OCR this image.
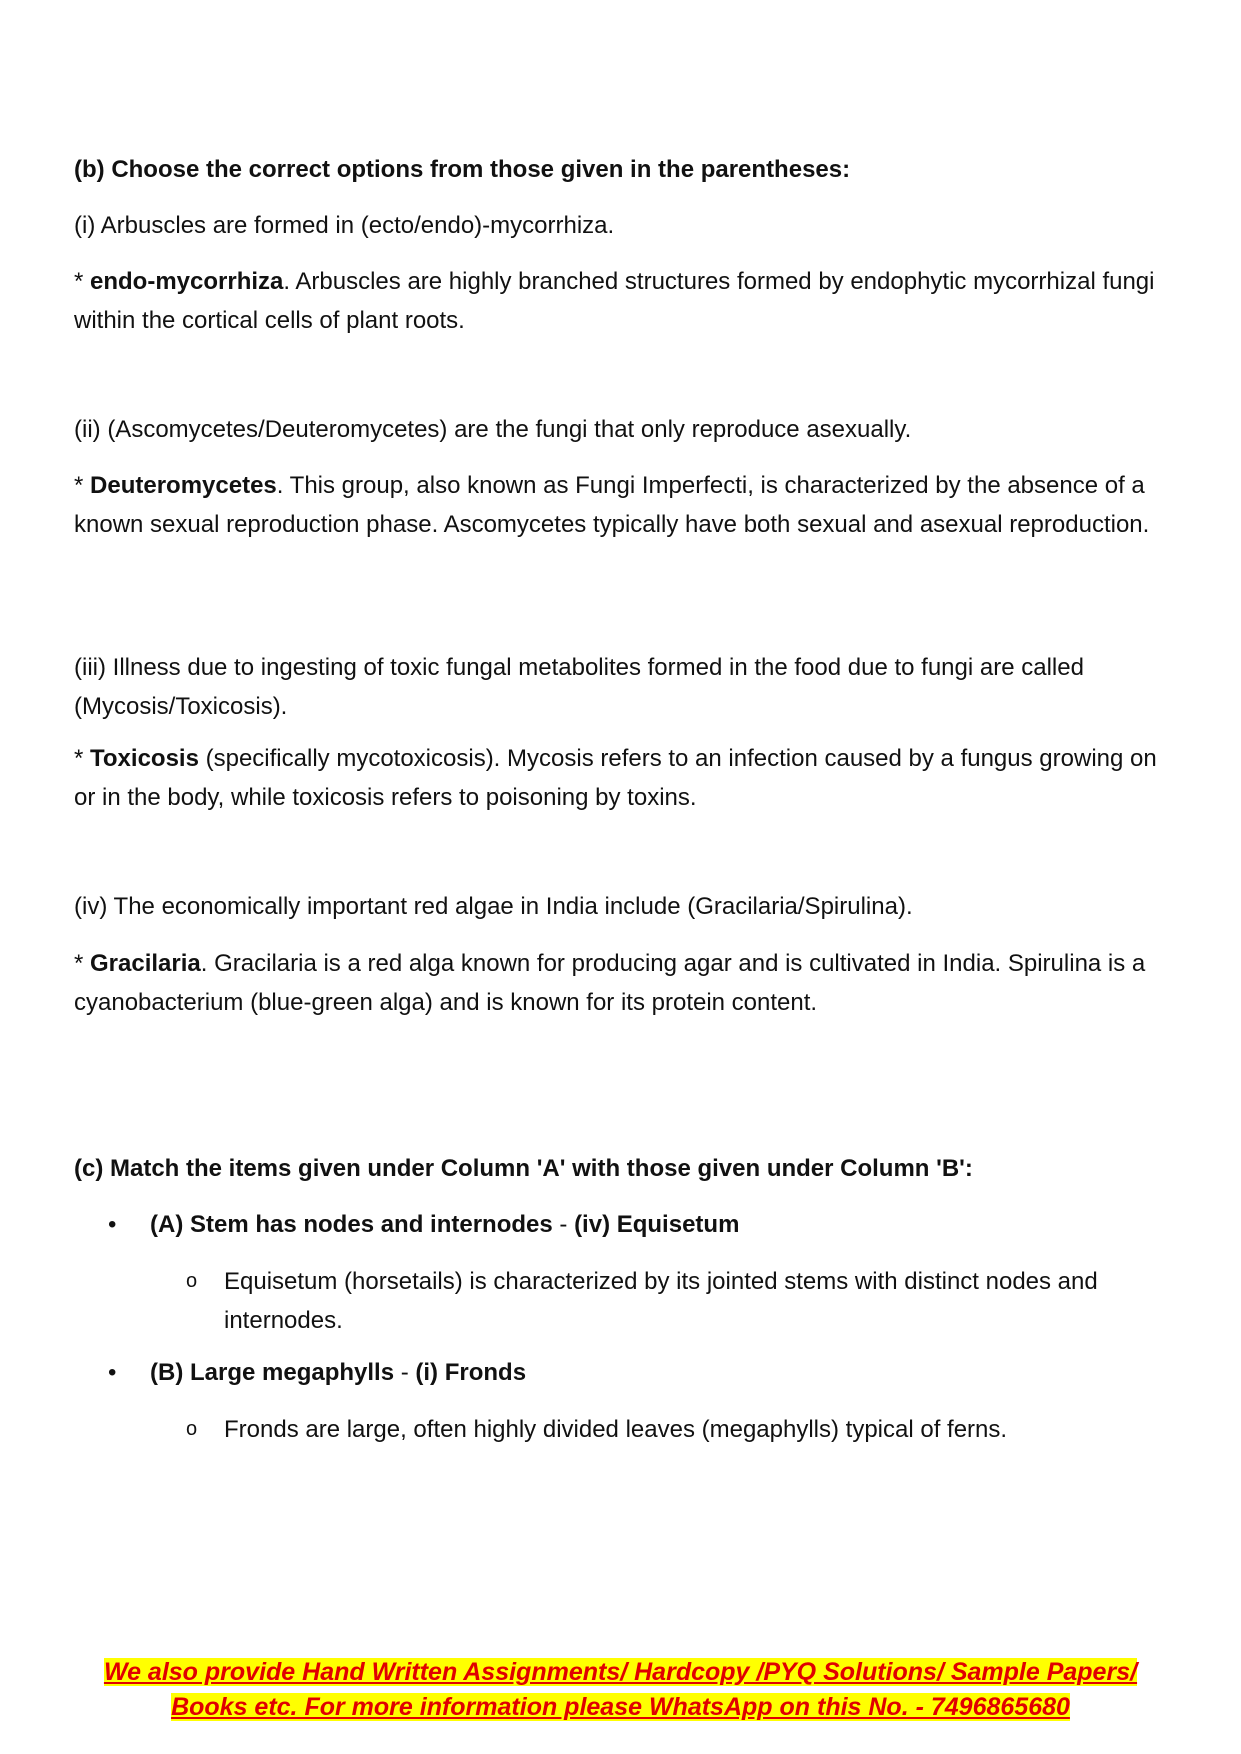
(b) Choose the correct options from those given in the parentheses:

(i) Arbuscles are formed in (ecto/endo)-mycorrhiza.

* endo-mycorrhiza. Arbuscles are highly branched structures formed by endophytic mycorrhizal fungi within the cortical cells of plant roots.

(ii) (Ascomycetes/Deuteromycetes) are the fungi that only reproduce asexually.

* Deuteromycetes. This group, also known as Fungi Imperfecti, is characterized by the absence of a known sexual reproduction phase. Ascomycetes typically have both sexual and asexual reproduction.

(iii) Illness due to ingesting of toxic fungal metabolites formed in the food due to fungi are called (Mycosis/Toxicosis).

* Toxicosis (specifically mycotoxicosis). Mycosis refers to an infection caused by a fungus growing on or in the body, while toxicosis refers to poisoning by toxins.

(iv) The economically important red algae in India include (Gracilaria/Spirulina).

* Gracilaria. Gracilaria is a red alga known for producing agar and is cultivated in India. Spirulina is a cyanobacterium (blue-green alga) and is known for its protein content.

(c) Match the items given under Column 'A' with those given under Column 'B':

•	(A) Stem has nodes and internodes - (iv) Equisetum
o	Equisetum (horsetails) is characterized by its jointed stems with distinct nodes and internodes.
•	(B) Large megaphylls - (i) Fronds
o	Fronds are large, often highly divided leaves (megaphylls) typical of ferns.
We also provide Hand Written Assignments/ Hardcopy /PYQ Solutions/ Sample Papers/
Books etc. For more information please WhatsApp on this No. - 7496865680
